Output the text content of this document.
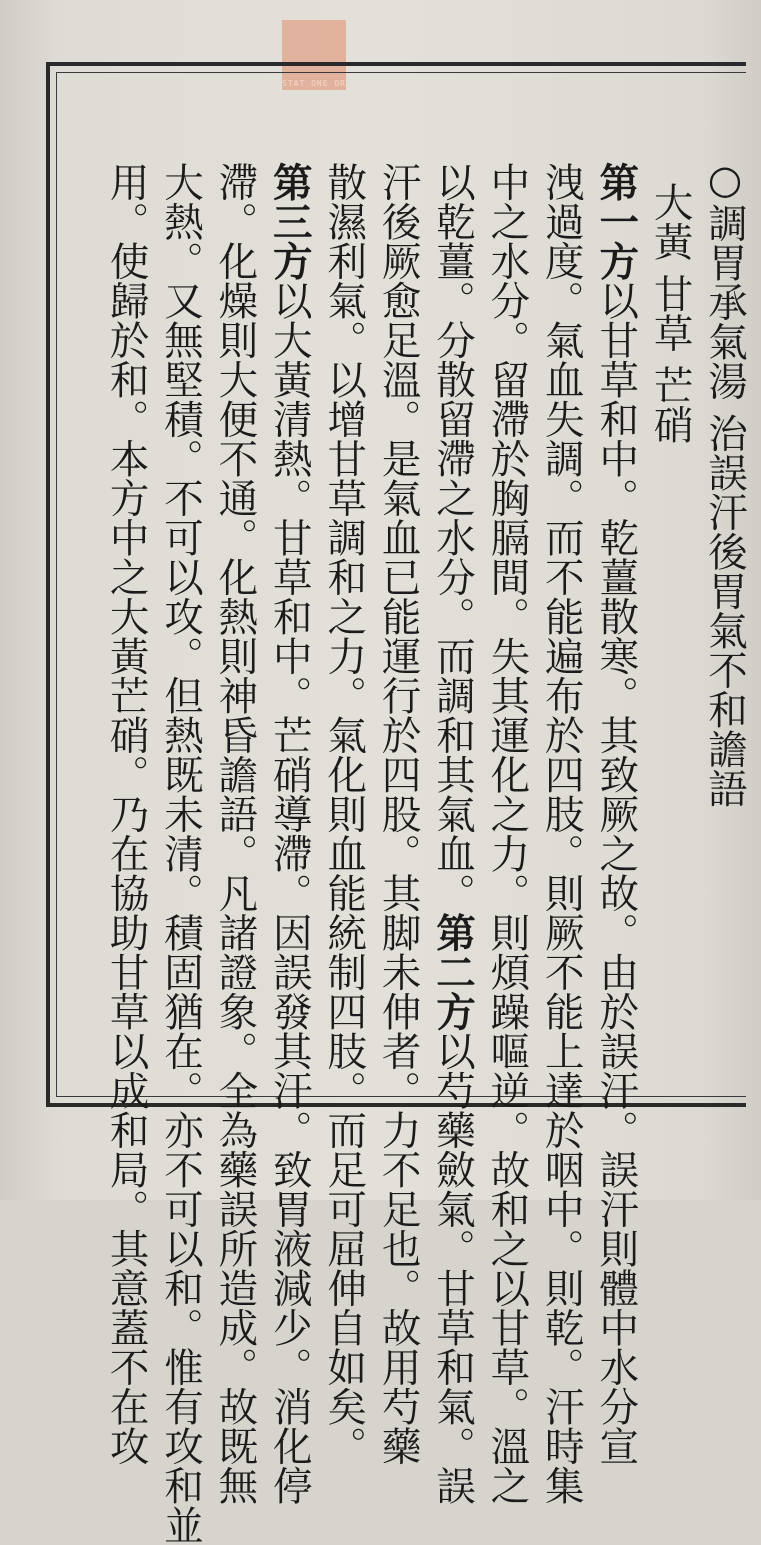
STAT ONE OR
○調胃承氣湯 治誤汗後胃氣不和譫語
大黃 甘草 芒硝
第一方以甘草和中。乾薑散寒。其致厥之故。由於誤汗。誤汗則體中水分宣
洩過度。氣血失調。而不能遍布於四肢。則厥不能上達於咽中。則乾。汗時集
中之水分。留滯於胸膈間。失其運化之力。則煩躁嘔逆。故和之以甘草。溫之
以乾薑。分散留滯之水分。而調和其氣血。第二方以芍藥斂氣。甘草和氣。誤
汗後厥愈足溫。是氣血已能運行於四股。其脚未伸者。力不足也。故用芍藥
散濕利氣。以增甘草調和之力。氣化則血能統制四肢。而足可屈伸自如矣。
第三方以大黃清熱。甘草和中。芒硝導滯。因誤發其汗。致胃液減少。消化停
滯。化燥則大便不通。化熱則神昏譫語。凡諸證象。全為藥誤所造成。故既無
大熱。又無堅積。不可以攻。但熱既未清。積固猶在。亦不可以和。惟有攻和並
用。使歸於和。本方中之大黃芒硝。乃在協助甘草以成和局。其意蓋不在攻
